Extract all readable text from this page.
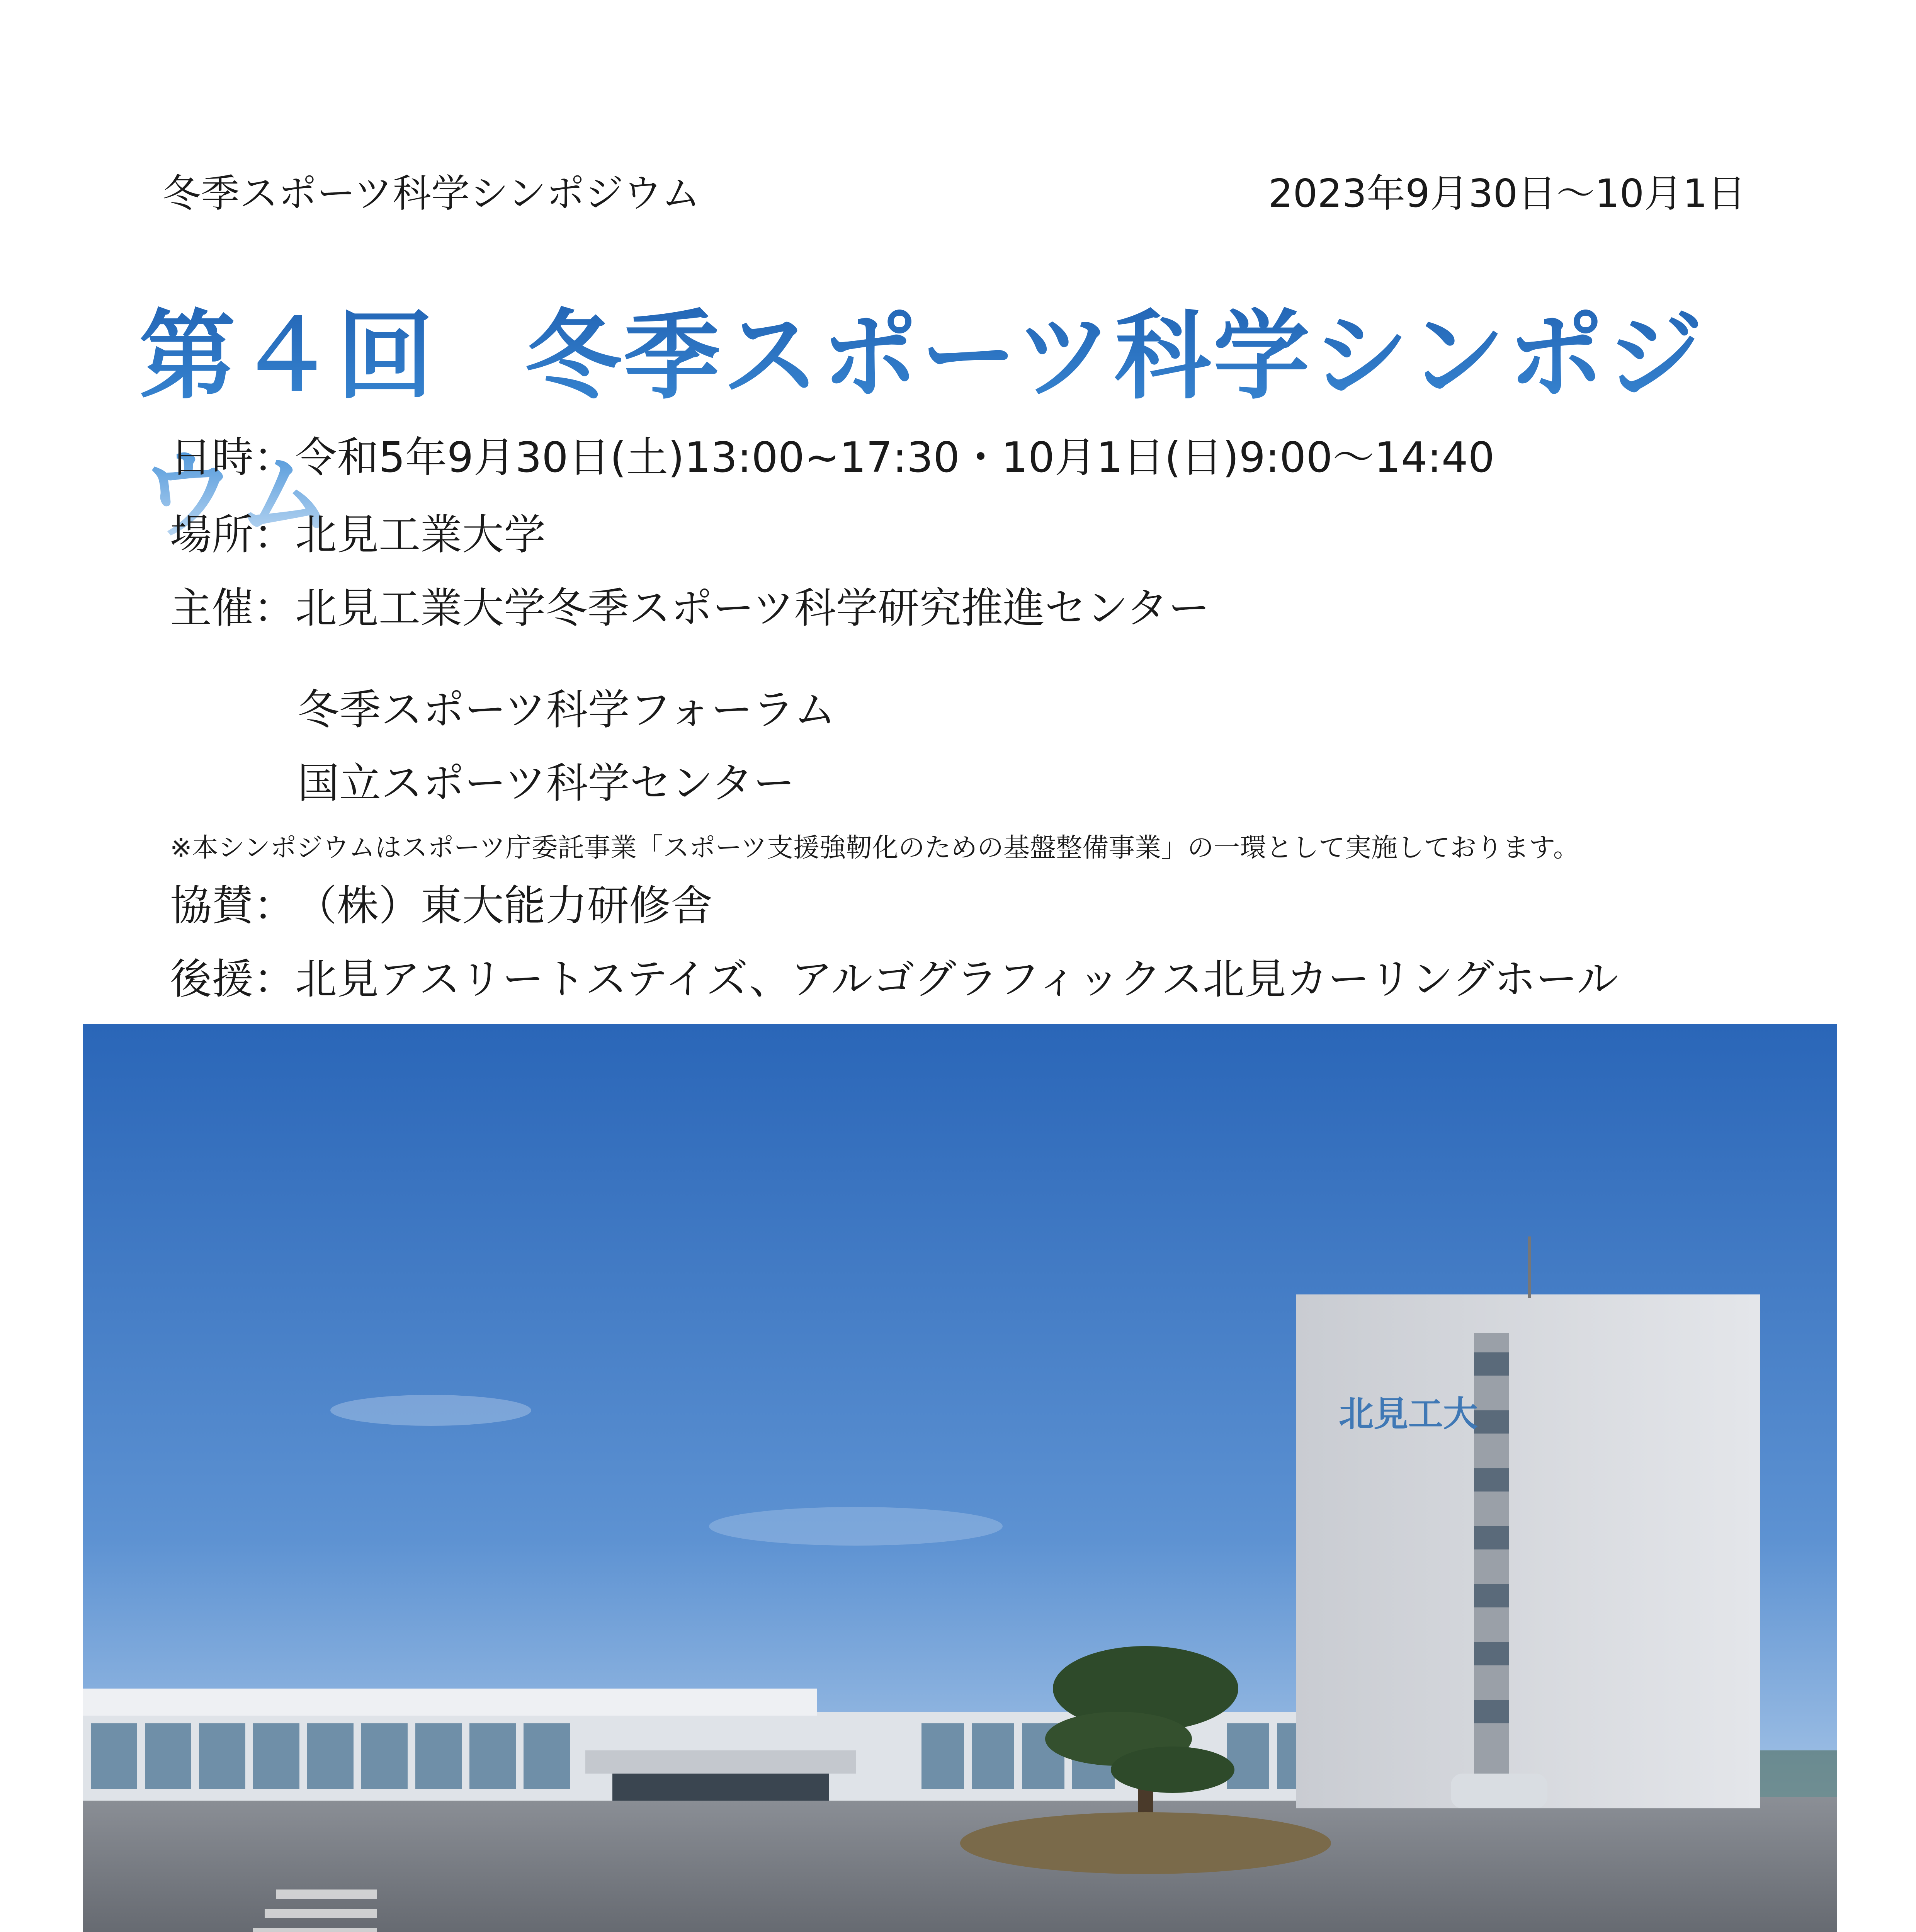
冬季スポーツ科学シンポジウム	2023年9月30日～10月1日
第４回 冬季スポーツ科学シンポジウム
日時：令和5年9月30日(土)13:00~17:30・10月1日(日)9:00～14:40
場所：北見工業大学
主催：北見工業大学冬季スポーツ科学研究推進センター
冬季スポーツ科学フォーラム
国立スポーツ科学センター
※本シンポジウムはスポーツ庁委託事業「スポーツ支援強靭化のための基盤整備事業」の一環として実施しております。
協賛：（株）東大能力研修舎
後援：北見アスリートステイズ、アルゴグラフィックス北見カーリングホール
北見工大
